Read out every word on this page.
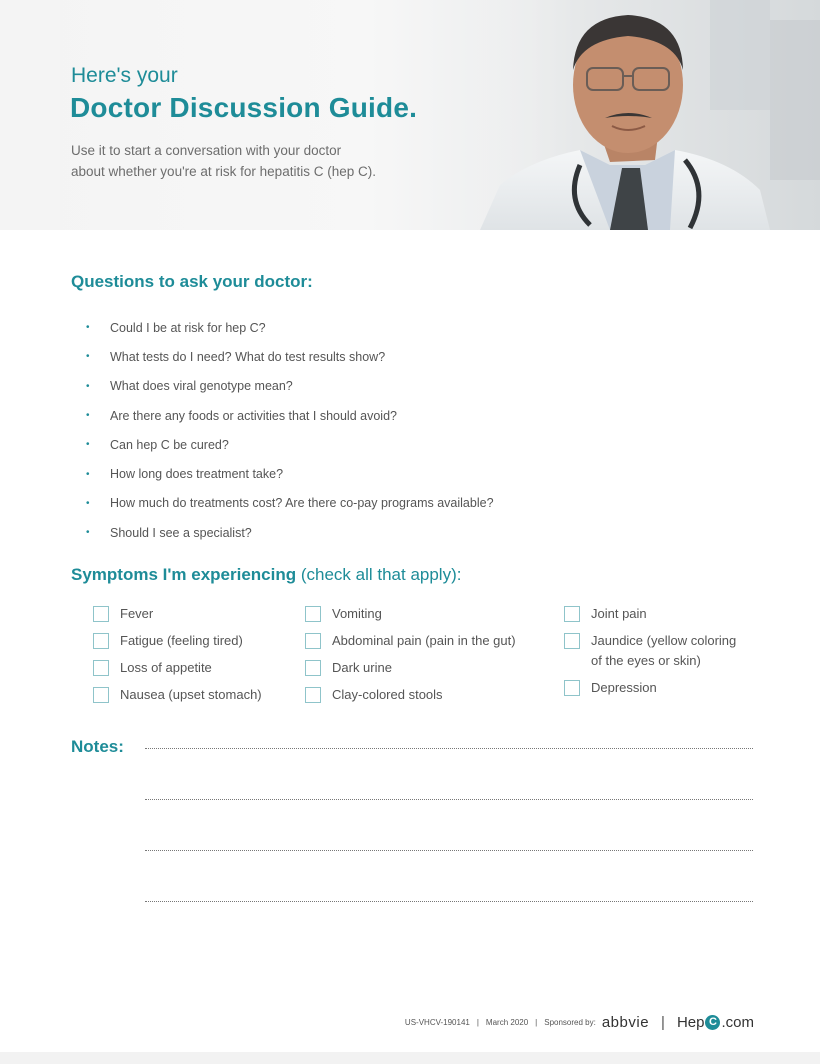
Here's your
Doctor Discussion Guide.
Use it to start a conversation with your doctor
about whether you're at risk for hepatitis C (hep C).
Questions to ask your doctor:
•	Could I be at risk for hep C?
•	What tests do I need? What do test results show?
•	What does viral genotype mean?
•	Are there any foods or activities that I should avoid?
•	Can hep C be cured?
•	How long does treatment take?
•	How much do treatments cost? Are there co-pay programs available?
•	Should I see a specialist?
Symptoms I'm experiencing (check all that apply):
Fever
Fatigue (feeling tired)
Loss of appetite
Nausea (upset stomach)
Vomiting
Abdominal pain (pain in the gut)
Dark urine
Clay-colored stools
Joint pain
Jaundice (yellow coloring
of the eyes or skin)
Depression
Notes:
US-VHCV-190141 | March 2020 | Sponsored by: abbvie | Hep C .com
